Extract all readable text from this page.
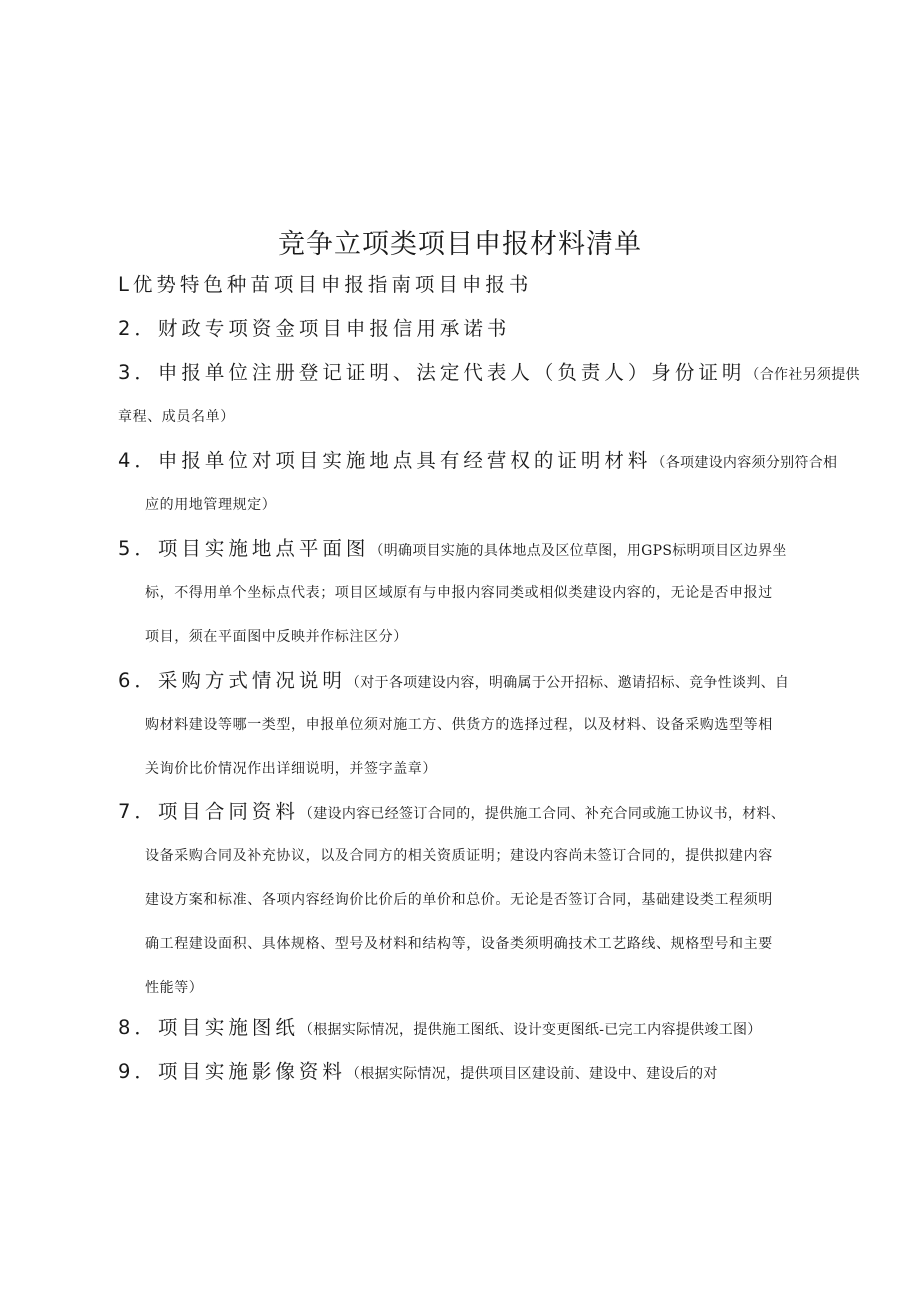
竞争立项类项目申报材料清单
L优势特色种苗项目申报指南项目申报书
2．财政专项资金项目申报信用承诺书
3．申报单位注册登记证明、法定代表人（负责人）身份证明（合作社另须提供
章程、成员名单）
4．申报单位对项目实施地点具有经营权的证明材料（各项建设内容须分别符合相
应的用地管理规定）
5．项目实施地点平面图（明确项目实施的具体地点及区位草图，用GPS标明项目区边界坐
标，不得用单个坐标点代表；项目区域原有与申报内容同类或相似类建设内容的，无论是否申报过
项目，须在平面图中反映并作标注区分）
6．采购方式情况说明（对于各项建设内容，明确属于公开招标、邀请招标、竞争性谈判、自
购材料建设等哪一类型，申报单位须对施工方、供货方的选择过程，以及材料、设备采购选型等相
关询价比价情况作出详细说明，并签字盖章）
7．项目合同资料（建设内容已经签订合同的，提供施工合同、补充合同或施工协议书，材料、
设备采购合同及补充协议，以及合同方的相关资质证明；建设内容尚未签订合同的，提供拟建内容
建设方案和标准、各项内容经询价比价后的单价和总价。无论是否签订合同，基础建设类工程须明
确工程建设面积、具体规格、型号及材料和结构等，设备类须明确技术工艺路线、规格型号和主要
性能等）
8．项目实施图纸（根据实际情况，提供施工图纸、设计变更图纸-已完工内容提供竣工图）
9．项目实施影像资料（根据实际情况，提供项目区建设前、建设中、建设后的对
